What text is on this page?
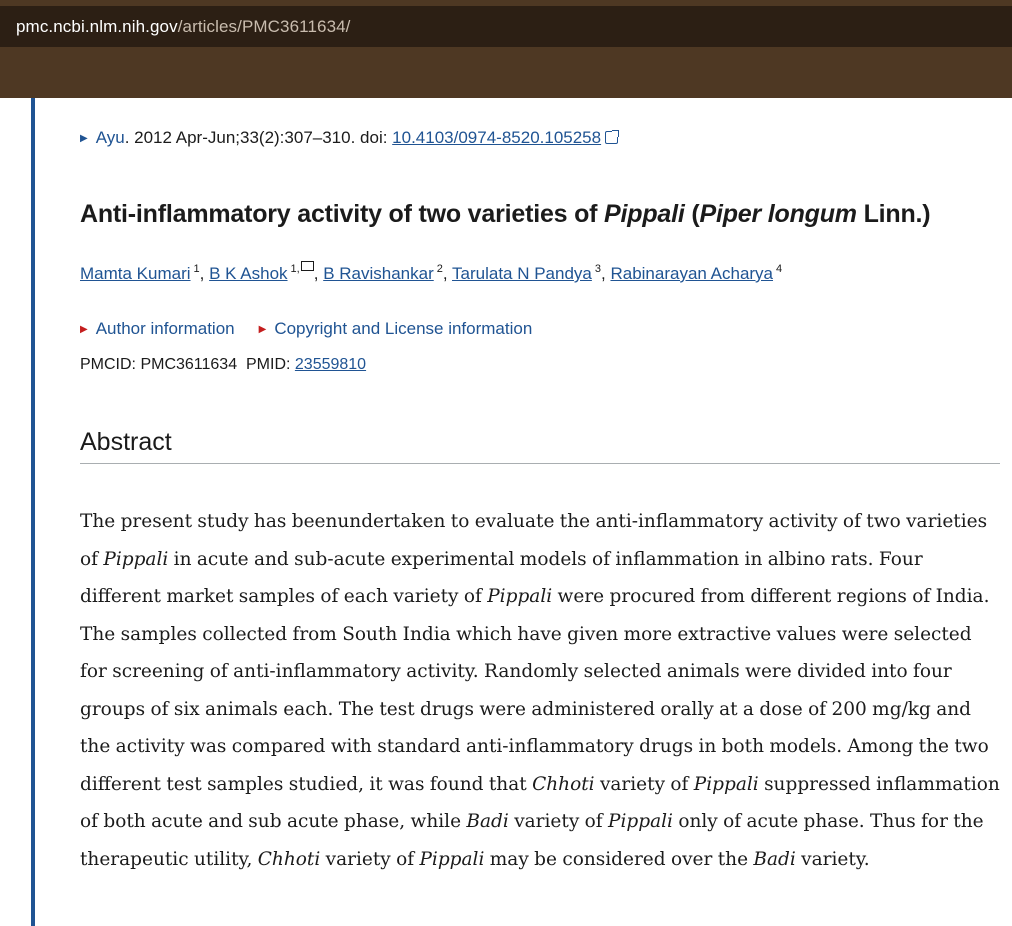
pmc.ncbi.nlm.nih.gov/articles/PMC3611634/
▶ Ayu. 2012 Apr-Jun;33(2):307–310. doi: 10.4103/0974-8520.105258
Anti-inflammatory activity of two varieties of Pippali (Piper longum Linn.)
Mamta Kumari $^1$, B K Ashok $^{1,}$ , B Ravishankar $^2$, Tarulata N Pandya $^3$, Rabinarayan Acharya $^4$
▶ Author information ▶ Copyright and License information
PMCID: PMC3611634 PMID: 23559810
Abstract
The present study has beenundertaken to evaluate the anti-inflammatory activity of two varieties of Pippali in acute and sub-acute experimental models of inflammation in albino rats. Four different market samples of each variety of Pippali were procured from different regions of India. The samples collected from South India which have given more extractive values were selected for screening of anti-inflammatory activity. Randomly selected animals were divided into four groups of six animals each. The test drugs were administered orally at a dose of 200 mg/kg and the activity was compared with standard anti-inflammatory drugs in both models. Among the two different test samples studied, it was found that Chhoti variety of Pippali suppressed inflammation of both acute and sub acute phase, while Badi variety of Pippali only of acute phase. Thus for the therapeutic utility, Chhoti variety of Pippali may be considered over the Badi variety.
